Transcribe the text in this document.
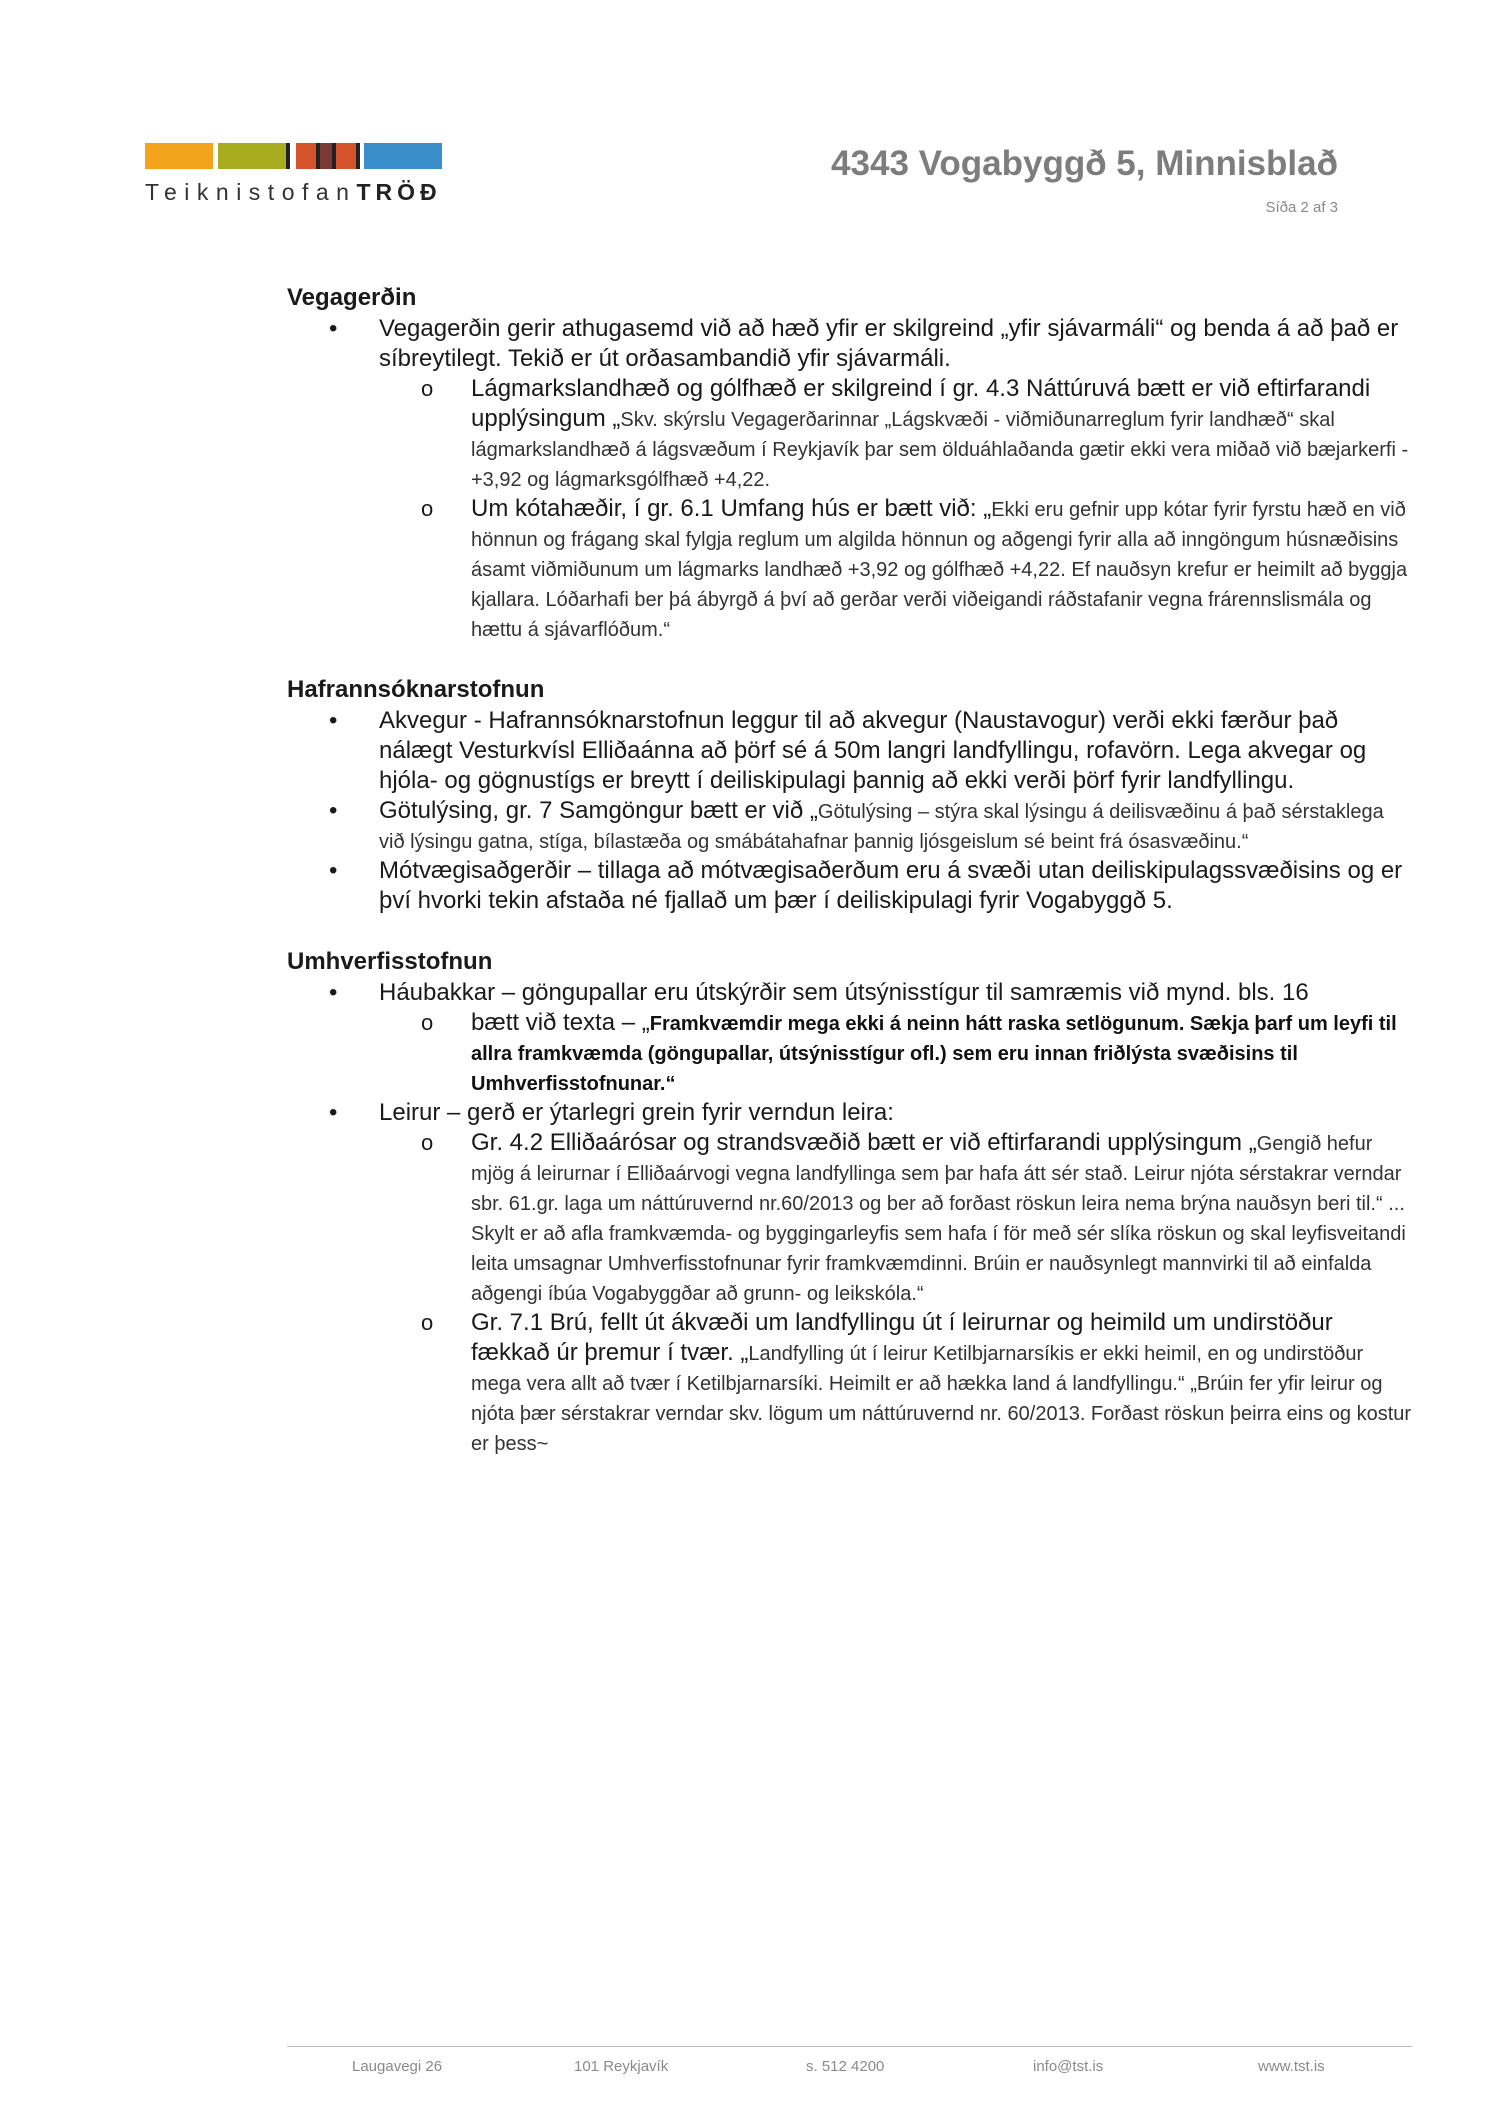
TeiknistofanTRÖÐ
4343 Vogabyggð 5, Minnisblað
Síða 2 af 3

Vegagerðin

• Vegagerðin gerir athugasemd við að hæð yfir er skilgreind „yfir sjávarmáli“ og benda á að það er síbreytilegt. Tekið er út orðasambandið yfir sjávarmáli.
o Lágmarkslandhæð og gólfhæð er skilgreind í gr. 4.3 Náttúruvá bætt er við eftirfarandi upplýsingum „Skv. skýrslu Vegagerðarinnar „Lágskvæði - viðmiðunarreglum fyrir landhæð“ skal lágmarkslandhæð á lágsvæðum í Reykjavík þar sem ölduáhlaðanda gætir ekki vera miðað við bæjarkerfi -+3,92 og lágmarksgólfhæð +4,22.
o Um kótahæðir, í gr. 6.1 Umfang hús er bætt við: „Ekki eru gefnir upp kótar fyrir fyrstu hæð en við hönnun og frágang skal fylgja reglum um algilda hönnun og aðgengi fyrir alla að inngöngum húsnæðisins ásamt viðmiðunum um lágmarks landhæð +3,92 og gólfhæð +4,22. Ef nauðsyn krefur er heimilt að byggja kjallara. Lóðarhafi ber þá ábyrgð á því að gerðar verði viðeigandi ráðstafanir vegna frárennslismála og hættu á sjávarflóðum.“

Hafrannsóknarstofnun

• Akvegur - Hafrannsóknarstofnun leggur til að akvegur (Naustavogur) verði ekki færður það nálægt Vesturkvísl Elliðaánna að þörf sé á 50m langri landfyllingu, rofavörn. Lega akvegar og hjóla- og gögnustígs er breytt í deiliskipulagi þannig að ekki verði þörf fyrir landfyllingu.
• Götulýsing, gr. 7 Samgöngur bætt er við „Götulýsing – stýra skal lýsingu á deilisvæðinu á það sérstaklega við lýsingu gatna, stíga, bílastæða og smábátahafnar þannig ljósgeislum sé beint frá ósasvæðinu.“
• Mótvægisaðgerðir – tillaga að mótvægisaðerðum eru á svæði utan deiliskipulagssvæðisins og er því hvorki tekin afstaða né fjallað um þær í deiliskipulagi fyrir Vogabyggð 5.

Umhverfisstofnun

• Háubakkar – göngupallar eru útskýrðir sem útsýnisstígur til samræmis við mynd. bls. 16
o bætt við texta – „Framkvæmdir mega ekki á neinn hátt raska setlögunum. Sækja þarf um leyfi til allra framkvæmda (göngupallar, útsýnisstígur ofl.) sem eru innan friðlýsta svæðisins til Umhverfisstofnunar.“
• Leirur – gerð er ýtarlegri grein fyrir verndun leira:
o Gr. 4.2 Elliðaárósar og strandsvæðið bætt er við eftirfarandi upplýsingum „Gengið hefur mjög á leirurnar í Elliðaárvogi vegna landfyllinga sem þar hafa átt sér stað. Leirur njóta sérstakrar verndar sbr. 61.gr. laga um náttúruvernd nr.60/2013 og ber að forðast röskun leira nema brýna nauðsyn beri til.“ ... Skylt er að afla framkvæmda- og byggingarleyfis sem hafa í för með sér slíka röskun og skal leyfisveitandi leita umsagnar Umhverfisstofnunar fyrir framkvæmdinni. Brúin er nauðsynlegt mannvirki til að einfalda aðgengi íbúa Vogabyggðar að grunn- og leikskóla.“
o Gr. 7.1 Brú, fellt út ákvæði um landfyllingu út í leirurnar og heimild um undirstöður fækkað úr þremur í tvær. „Landfylling út í leirur Ketilbjarnarsíkis er ekki heimil, en og undirstöður mega vera allt að tvær í Ketilbjarnarsíki. Heimilt er að hækka land á landfyllingu.“ „Brúin fer yfir leirur og njóta þær sérstakrar verndar skv. lögum um náttúruvernd nr. 60/2013. Forðast röskun þeirra eins og kostur er þess~
Laugavegi 26	101 Reykjavík	s. 512 4200	info@tst.is	www.tst.is
